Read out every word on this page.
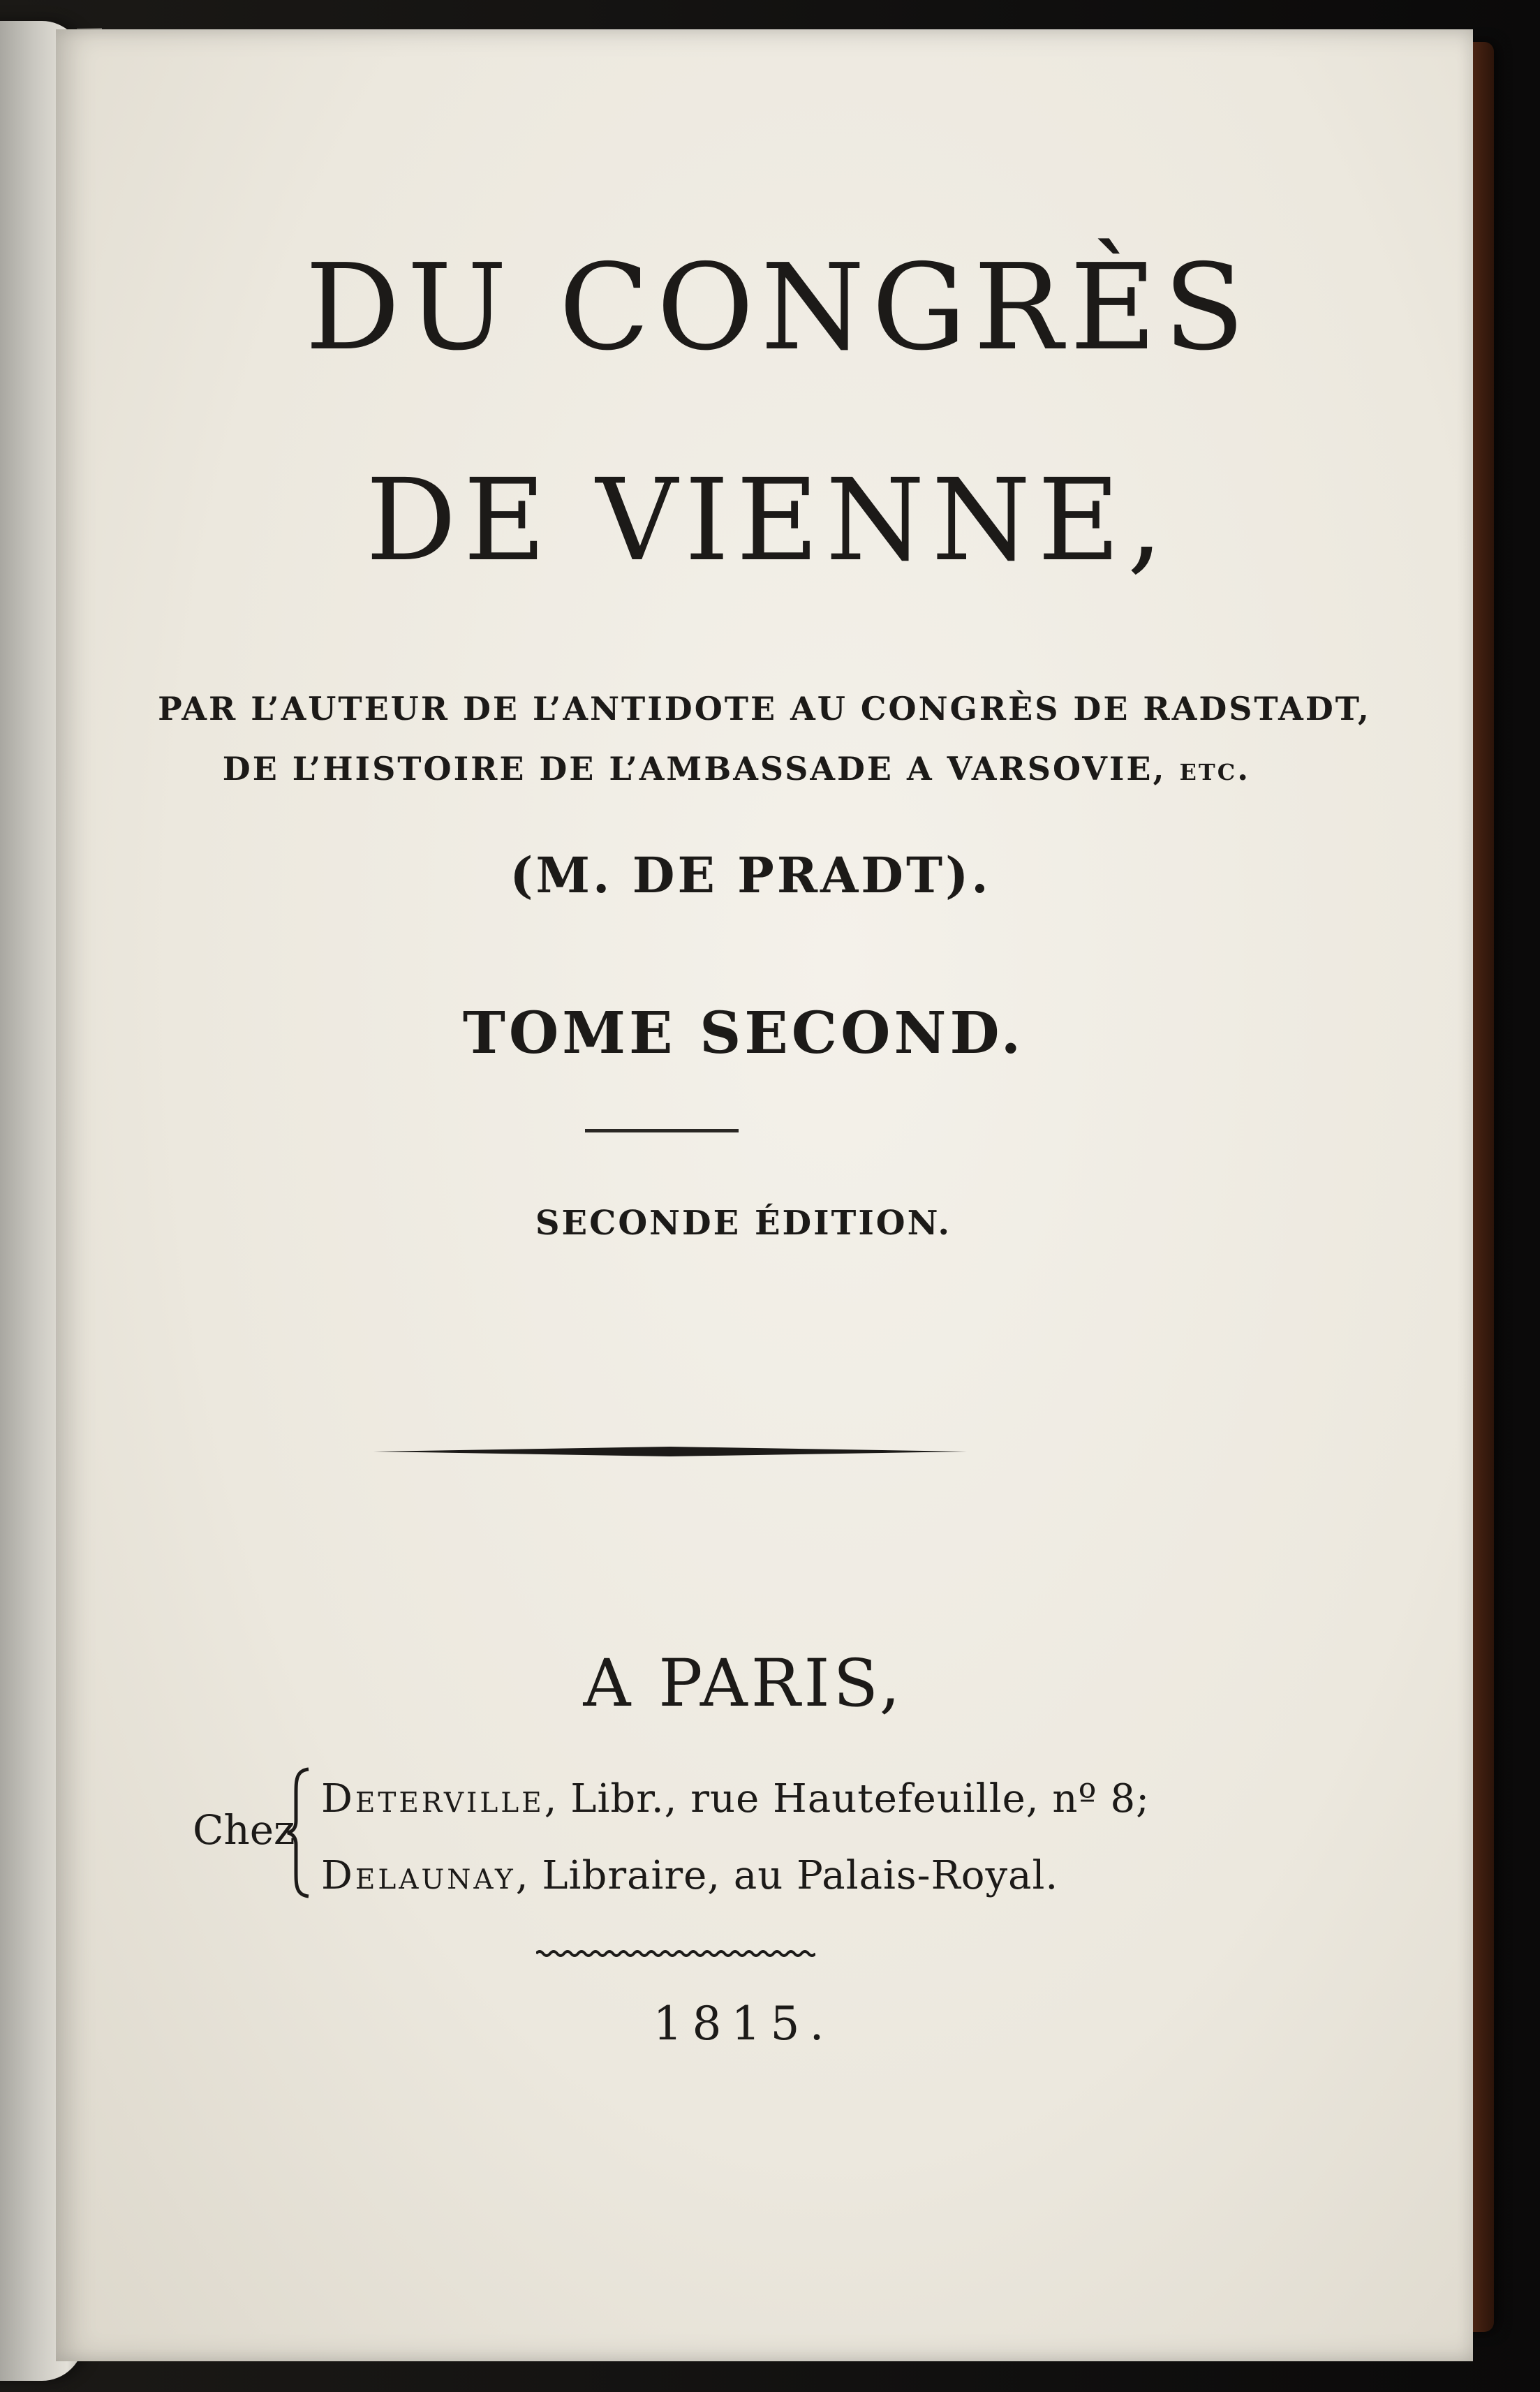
DU CONGRÈS
DE VIENNE,
PAR L’AUTEUR DE L’ANTIDOTE AU CONGRÈS DE RADSTADT,
DE L’HISTOIRE DE L’AMBASSADE A VARSOVIE, etc.
(M. DE PRADT).
TOME SECOND.
SECONDE ÉDITION.
A PARIS,
Chez
Deterville, Libr., rue Hautefeuille, nº 8;
Delaunay, Libraire, au Palais-Royal.
1815.
